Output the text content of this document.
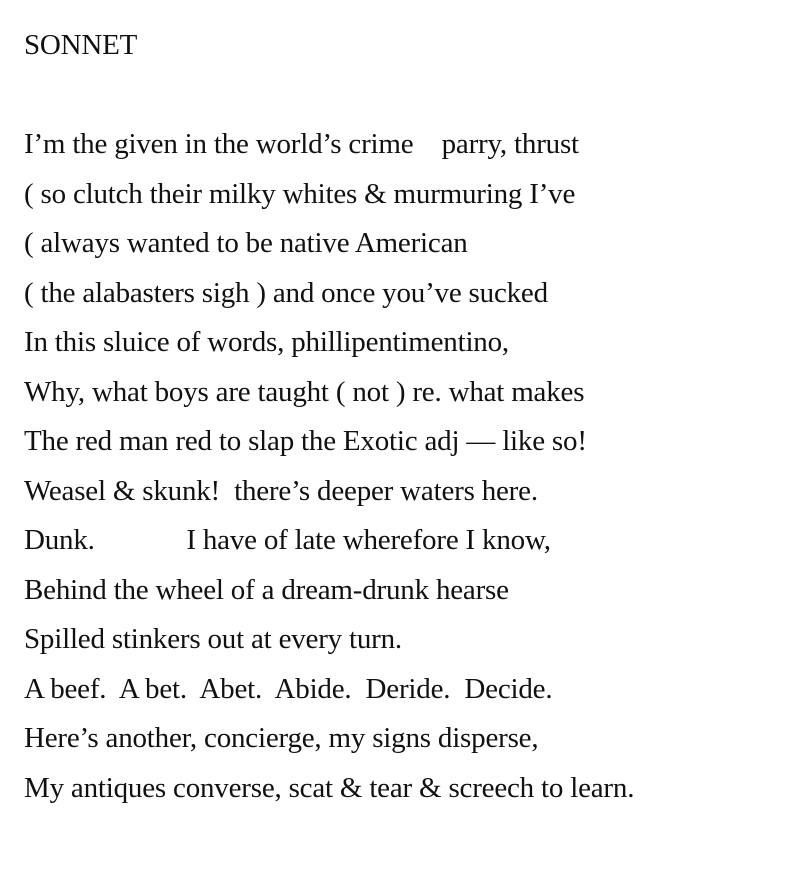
SONNET
I’m the given in the world’s crime    parry, thrust
( so clutch their milky whites & murmuring I’ve
( always wanted to be native American
( the alabasters sigh ) and once you’ve sucked
In this sluice of words, phillipentimentino,
Why, what boys are taught ( not ) re. what makes
The red man red to slap the Exotic adj — like so!
Weasel & skunk!  there’s deeper waters here.
Dunk.             I have of late wherefore I know,
Behind the wheel of a dream-drunk hearse
Spilled stinkers out at every turn.
A beef.  A bet.  Abet.  Abide.  Deride.  Decide.
Here’s another, concierge, my signs disperse,
My antiques converse, scat & tear & screech to learn.
